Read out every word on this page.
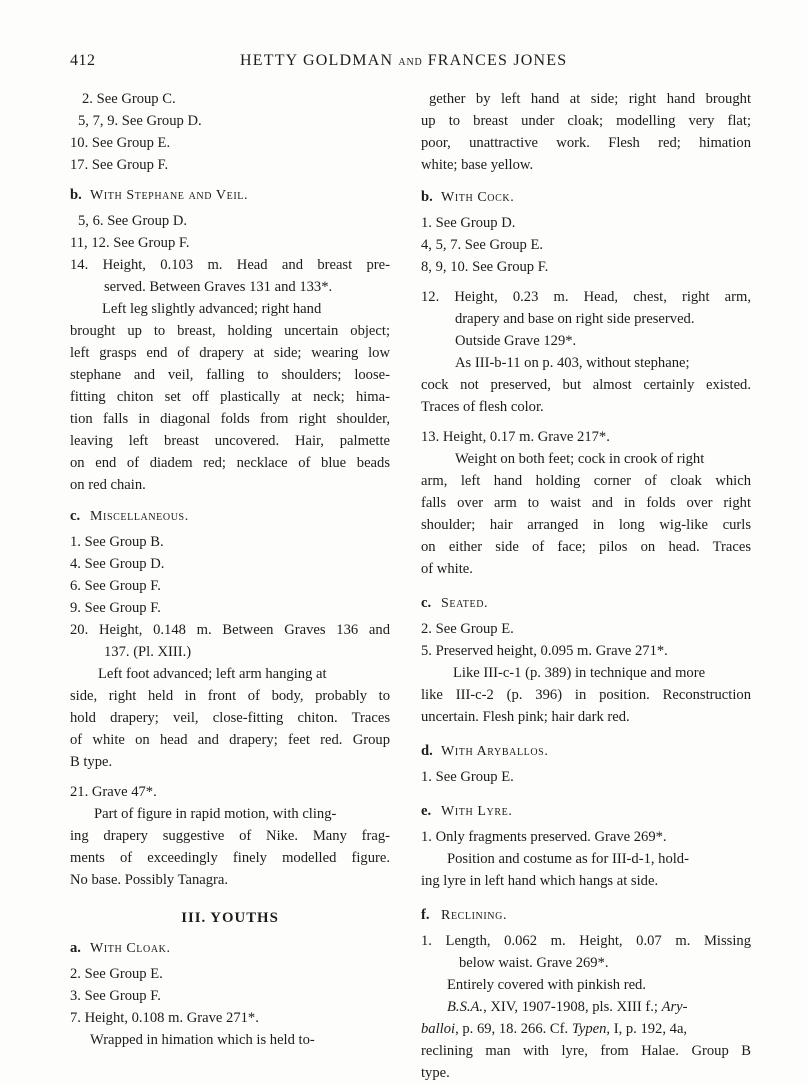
412	HETTY GOLDMAN and FRANCES JONES
2. See Group C.
5, 7, 9. See Group D.
10. See Group E.
17. See Group F.
b. With Stephane and Veil.
5, 6. See Group D.
11, 12. See Group F.
14. Height, 0.103 m. Head and breast pre-
served. Between Graves 131 and 133*.
Left leg slightly advanced; right hand
brought up to breast, holding uncertain object;
left grasps end of drapery at side; wearing low
stephane and veil, falling to shoulders; loose-
fitting chiton set off plastically at neck; hima-
tion falls in diagonal folds from right shoulder,
leaving left breast uncovered. Hair, palmette
on end of diadem red; necklace of blue beads
on red chain.
c. Miscellaneous.
1. See Group B.
4. See Group D.
6. See Group F.
9. See Group F.
20. Height, 0.148 m. Between Graves 136 and
137. (Pl. XIII.)
Left foot advanced; left arm hanging at
side, right held in front of body, probably to
hold drapery; veil, close-fitting chiton. Traces
of white on head and drapery; feet red. Group
B type.
21. Grave 47*.
Part of figure in rapid motion, with cling-
ing drapery suggestive of Nike. Many frag-
ments of exceedingly finely modelled figure.
No base. Possibly Tanagra.
III. YOUTHS
a. With Cloak.
2. See Group E.
3. See Group F.
7. Height, 0.108 m. Grave 271*.
Wrapped in himation which is held to-
gether by left hand at side; right hand brought
up to breast under cloak; modelling very flat;
poor, unattractive work. Flesh red; himation
white; base yellow.
b. With Cock.
1. See Group D.
4, 5, 7. See Group E.
8, 9, 10. See Group F.
12. Height, 0.23 m. Head, chest, right arm,
drapery and base on right side preserved.
Outside Grave 129*.
As III-b-11 on p. 403, without stephane;
cock not preserved, but almost certainly existed.
Traces of flesh color.
13. Height, 0.17 m. Grave 217*.
Weight on both feet; cock in crook of right
arm, left hand holding corner of cloak which
falls over arm to waist and in folds over right
shoulder; hair arranged in long wig-like curls
on either side of face; pilos on head. Traces
of white.
c. Seated.
2. See Group E.
5. Preserved height, 0.095 m. Grave 271*.
Like III-c-1 (p. 389) in technique and more
like III-c-2 (p. 396) in position. Reconstruction
uncertain. Flesh pink; hair dark red.
d. With Aryballos.
1. See Group E.
e. With Lyre.
1. Only fragments preserved. Grave 269*.
Position and costume as for III-d-1, hold-
ing lyre in left hand which hangs at side.
f. Reclining.
1. Length, 0.062 m. Height, 0.07 m. Missing
below waist. Grave 269*.
Entirely covered with pinkish red.
B.S.A., XIV, 1907-1908, pls. XIII f.; Ary-
balloi, p. 69, 18. 266. Cf. Typen, I, p. 192, 4a,
reclining man with lyre, from Halae. Group B
type.
